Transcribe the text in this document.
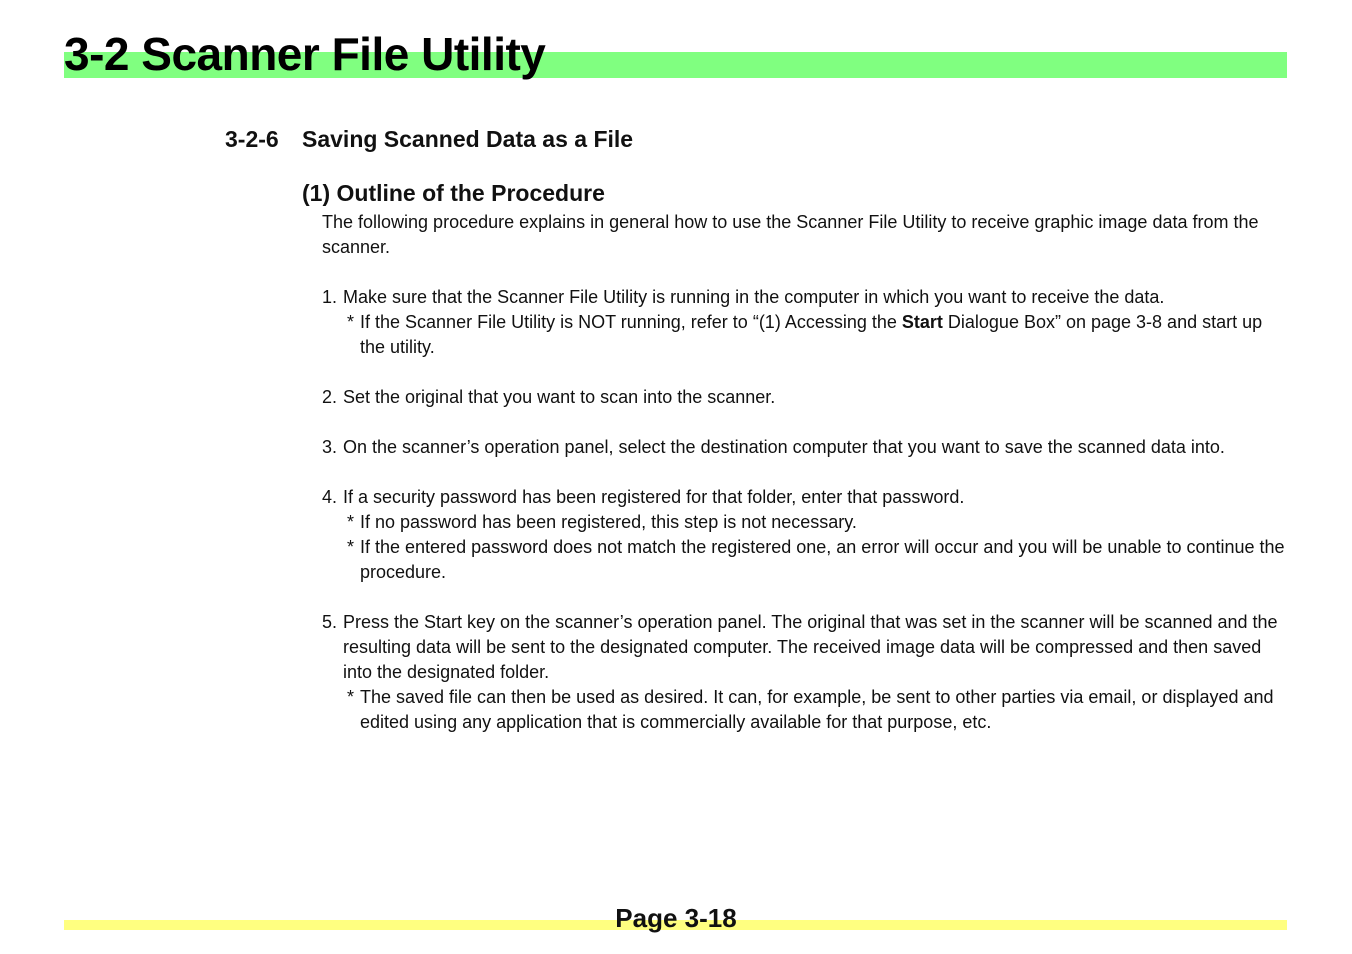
3-2 Scanner File Utility
3-2-6 Saving Scanned Data as a File
(1) Outline of the Procedure

The following procedure explains in general how to use the Scanner File Utility to receive graphic image data from the scanner.

1. Make sure that the Scanner File Utility is running in the computer in which you want to receive the data.

* If the Scanner File Utility is NOT running, refer to “(1) Accessing the Start Dialogue Box” on page 3-8 and start up the utility.

2. Set the original that you want to scan into the scanner.

3. On the scanner’s operation panel, select the destination computer that you want to save the scanned data into.

4. If a security password has been registered for that folder, enter that password.

* If no password has been registered, this step is not necessary.

* If the entered password does not match the registered one, an error will occur and you will be unable to continue the procedure.

5. Press the Start key on the scanner’s operation panel. The original that was set in the scanner will be scanned and the resulting data will be sent to the designated computer. The received image data will be compressed and then saved into the designated folder.

* The saved file can then be used as desired. It can, for example, be sent to other parties via email, or displayed and edited using any application that is commercially available for that purpose, etc.

Page 3-18
